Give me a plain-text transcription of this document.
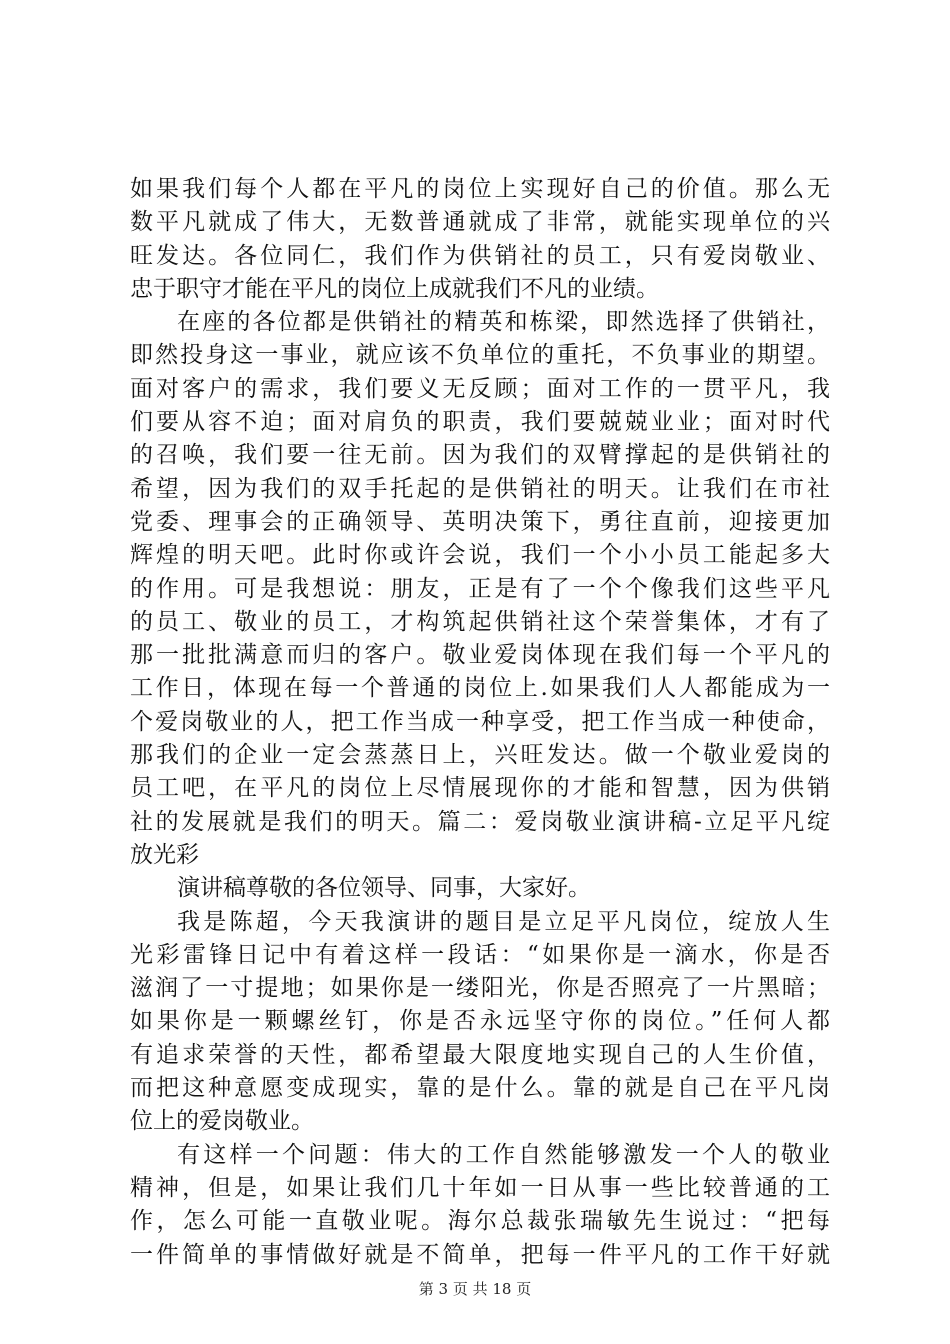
如果我们每个人都在平凡的岗位上实现好自己的价值。那么无
数平凡就成了伟大，无数普通就成了非常，就能实现单位的兴
旺发达。各位同仁，我们作为供销社的员工，只有爱岗敬业、
忠于职守才能在平凡的岗位上成就我们不凡的业绩。
在座的各位都是供销社的精英和栋梁，即然选择了供销社，
即然投身这一事业，就应该不负单位的重托，不负事业的期望。
面对客户的需求，我们要义无反顾；面对工作的一贯平凡，我
们要从容不迫；面对肩负的职责，我们要兢兢业业；面对时代
的召唤，我们要一往无前。因为我们的双臂撑起的是供销社的
希望，因为我们的双手托起的是供销社的明天。让我们在市社
党委、理事会的正确领导、英明决策下，勇往直前，迎接更加
辉煌的明天吧。此时你或许会说，我们一个小小员工能起多大
的作用。可是我想说：朋友，正是有了一个个像我们这些平凡
的员工、敬业的员工，才构筑起供销社这个荣誉集体，才有了
那一批批满意而归的客户。敬业爱岗体现在我们每一个平凡的
工作日，体现在每一个普通的岗位上.如果我们人人都能成为一
个爱岗敬业的人，把工作当成一种享受，把工作当成一种使命，
那我们的企业一定会蒸蒸日上，兴旺发达。做一个敬业爱岗的
员工吧，在平凡的岗位上尽情展现你的才能和智慧，因为供销
社的发展就是我们的明天。篇二：爱岗敬业演讲稿-立足平凡绽
放光彩
演讲稿尊敬的各位领导、同事，大家好。
我是陈超，今天我演讲的题目是立足平凡岗位，绽放人生
光彩雷锋日记中有着这样一段话：“如果你是一滴水，你是否
滋润了一寸提地；如果你是一缕阳光，你是否照亮了一片黑暗；
如果你是一颗螺丝钉，你是否永远坚守你的岗位。”任何人都
有追求荣誉的天性，都希望最大限度地实现自己的人生价值，
而把这种意愿变成现实，靠的是什么。靠的就是自己在平凡岗
位上的爱岗敬业。
有这样一个问题：伟大的工作自然能够激发一个人的敬业
精神，但是，如果让我们几十年如一日从事一些比较普通的工
作，怎么可能一直敬业呢。海尔总裁张瑞敏先生说过：“把每
一件简单的事情做好就是不简单，把每一件平凡的工作干好就
第 3 页 共 18 页
